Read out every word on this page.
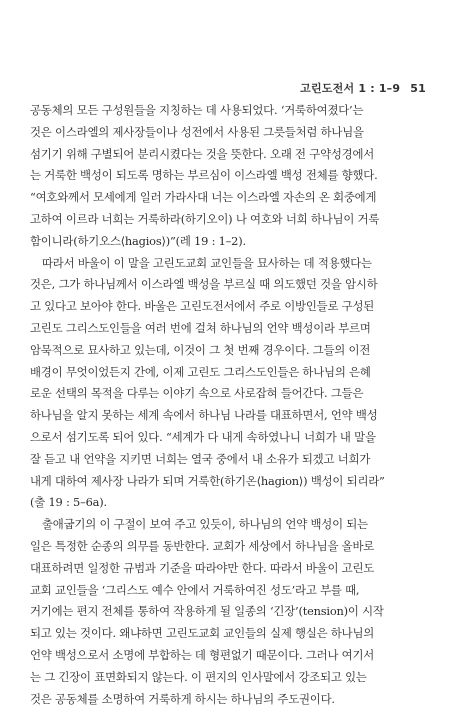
고린도전서 1 : 1–9 51

공동체의 모든 구성원들을 지칭하는 데 사용되었다. ‘거룩하여졌다’는
것은 이스라엘의 제사장들이나 성전에서 사용된 그릇들처럼 하나님을
섬기기 위해 구별되어 분리시켰다는 것을 뜻한다. 오래 전 구약성경에서
는 거룩한 백성이 되도록 명하는 부르심이 이스라엘 백성 전체를 향했다.
“여호와께서 모세에게 일러 가라사대 너는 이스라엘 자손의 온 회중에게
고하여 이르라 너희는 거룩하라(하기오이) 나 여호와 너희 하나님이 거룩
함이니라(하기오스⟨hagios⟩)”(레 19 : 1–2).

따라서 바울이 이 말을 고린도교회 교인들을 묘사하는 데 적용했다는
것은, 그가 하나님께서 이스라엘 백성을 부르실 때 의도했던 것을 암시하
고 있다고 보아야 한다. 바울은 고린도전서에서 주로 이방인들로 구성된
고린도 그리스도인들을 여러 번에 걸쳐 하나님의 언약 백성이라 부르며
암묵적으로 묘사하고 있는데, 이것이 그 첫 번째 경우이다. 그들의 이전
배경이 무엇이었든지 간에, 이제 고린도 그리스도인들은 하나님의 은혜
로운 선택의 목적을 다루는 이야기 속으로 사로잡혀 들어간다. 그들은
하나님을 알지 못하는 세계 속에서 하나님 나라를 대표하면서, 언약 백성
으로서 섬기도록 되어 있다. “세계가 다 내게 속하였나니 너희가 내 말을
잘 듣고 내 언약을 지키면 너희는 열국 중에서 내 소유가 되겠고 너희가
내게 대하여 제사장 나라가 되며 거룩한(하기온⟨hagion⟩) 백성이 되리라”
(출 19 : 5–6a).

출애굽기의 이 구절이 보여 주고 있듯이, 하나님의 언약 백성이 되는
일은 특정한 순종의 의무를 동반한다. 교회가 세상에서 하나님을 올바로
대표하려면 일정한 규범과 기준을 따라야만 한다. 따라서 바울이 고린도
교회 교인들을 ‘그리스도 예수 안에서 거룩하여진 성도’라고 부를 때,
거기에는 편지 전체를 통하여 작용하게 될 일종의 ‘긴장’(tension)이 시작
되고 있는 것이다. 왜냐하면 고린도교회 교인들의 실제 행실은 하나님의
언약 백성으로서 소명에 부합하는 데 형편없기 때문이다. 그러나 여기서
는 그 긴장이 표면화되지 않는다. 이 편지의 인사말에서 강조되고 있는
것은 공동체를 소명하여 거룩하게 하시는 하나님의 주도권이다.
